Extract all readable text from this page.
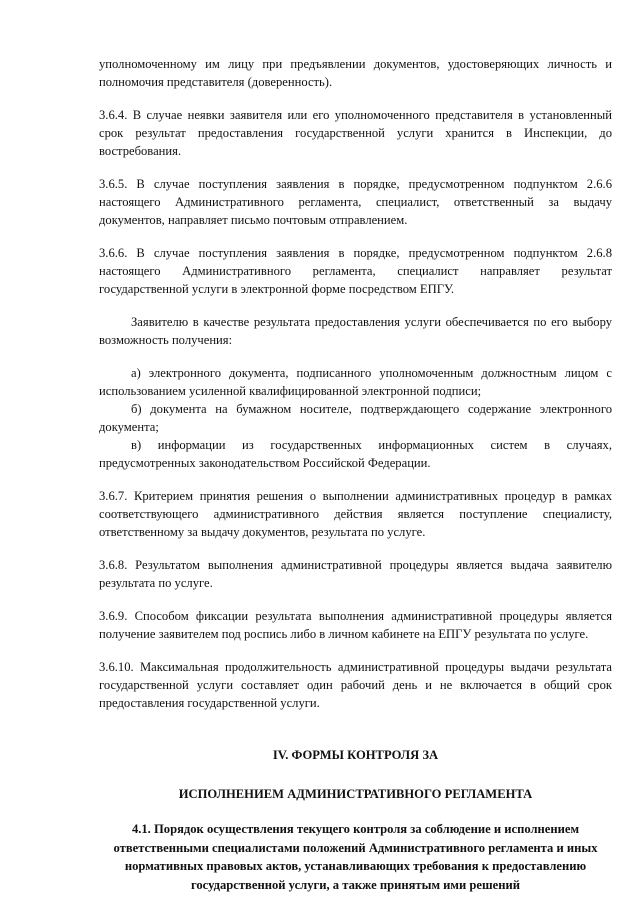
уполномоченному им лицу при предъявлении документов, удостоверяющих личность и полномочия представителя (доверенность).

3.6.4. В случае неявки заявителя или его уполномоченного представителя в установленный срок результат предоставления государственной услуги хранится в Инспекции, до востребования.

3.6.5. В случае поступления заявления в порядке, предусмотренном подпунктом 2.6.6 настоящего Административного регламента, специалист, ответственный за выдачу документов, направляет письмо почтовым отправлением.

3.6.6. В случае поступления заявления в порядке, предусмотренном подпунктом 2.6.8 настоящего Административного регламента, специалист направляет результат государственной услуги в электронной форме посредством ЕПГУ.

Заявителю в качестве результата предоставления услуги обеспечивается по его выбору возможность получения:

а) электронного документа, подписанного уполномоченным должностным лицом с использованием усиленной квалифицированной электронной подписи;

б) документа на бумажном носителе, подтверждающего содержание электронного документа;

в) информации из государственных информационных систем в случаях, предусмотренных законодательством Российской Федерации.

3.6.7. Критерием принятия решения о выполнении административных процедур в рамках соответствующего административного действия является поступление специалисту, ответственному за выдачу документов, результата по услуге.

3.6.8. Результатом выполнения административной процедуры является выдача заявителю результата по услуге.

3.6.9. Способом фиксации результата выполнения административной процедуры является получение заявителем под роспись либо в личном кабинете на ЕПГУ результата по услуге.

3.6.10. Максимальная продолжительность административной процедуры выдачи результата государственной услуги составляет один рабочий день и не включается в общий срок предоставления государственной услуги.

IV. ФОРМЫ КОНТРОЛЯ ЗА

ИСПОЛНЕНИЕМ АДМИНИСТРАТИВНОГО РЕГЛАМЕНТА

4.1. Порядок осуществления текущего контроля за соблюдение и исполнением ответственными специалистами положений Административного регламента и иных нормативных правовых актов, устанавливающих требования к предоставлению государственной услуги, а также принятым ими решений
